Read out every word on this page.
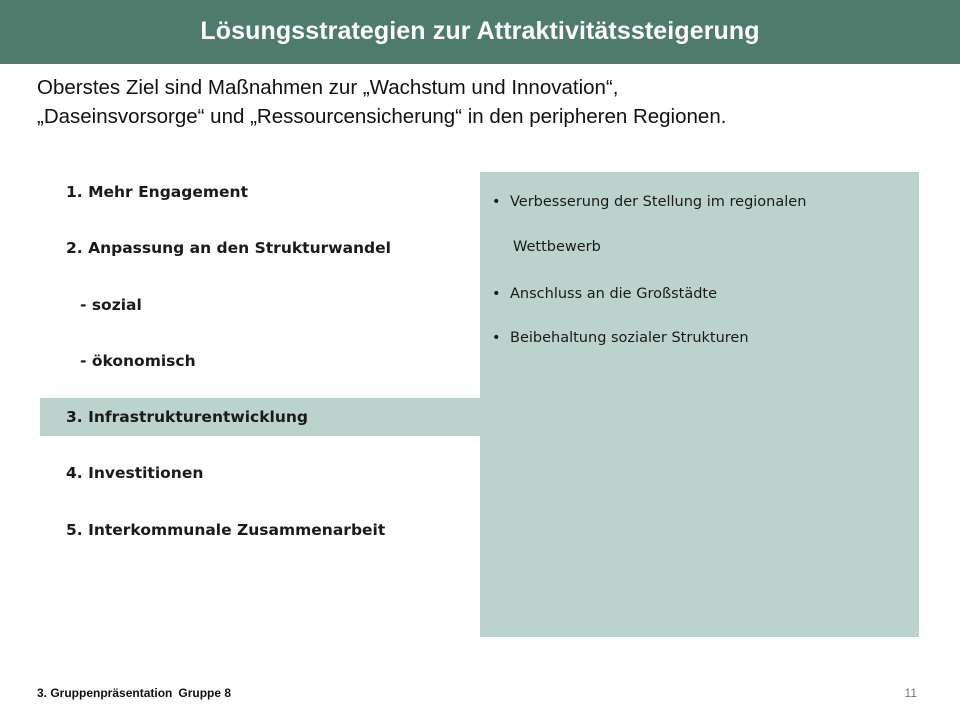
Lösungsstrategien zur Attraktivitätssteigerung
Oberstes Ziel sind Maßnahmen zur „Wachstum und Innovation“,
„Daseinsvorsorge“ und „Ressourcensicherung“ in den peripheren Regionen.
1. Mehr Engagement
2. Anpassung an den Strukturwandel
- sozial
- ökonomisch
3. Infrastrukturentwicklung
4. Investitionen
5. Interkommunale Zusammenarbeit
• Verbesserung der Stellung im regionalen
Wettbewerb
• Anschluss an die Großstädte
• Beibehaltung sozialer Strukturen
3. Gruppenpräsentation Gruppe 8	11
